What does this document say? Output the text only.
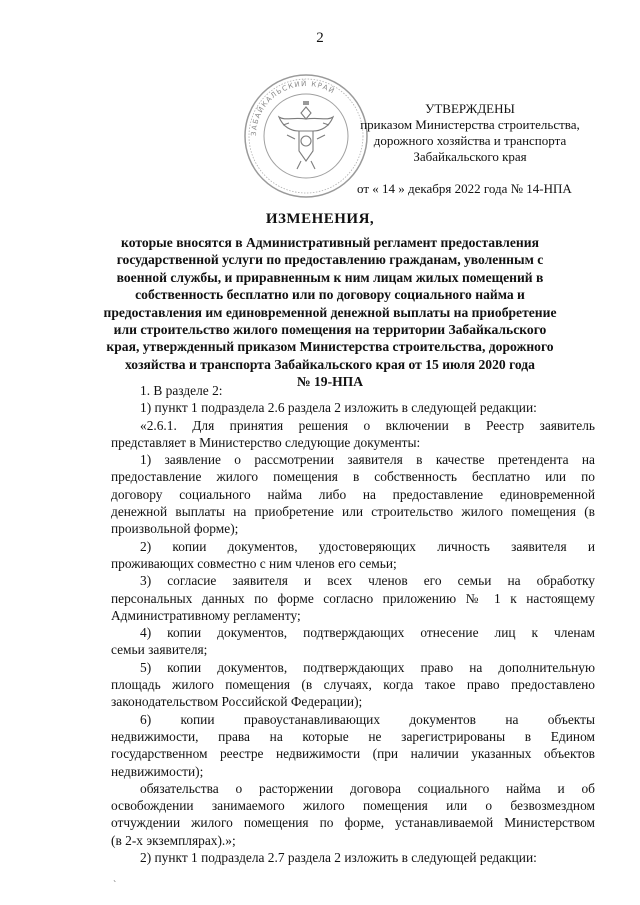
2
ЗАБАЙКАЛЬСКИЙ КРАЙ
УТВЕРЖДЕНЫ
приказом Министерства строительства,
дорожного хозяйства и транспорта
Забайкальского края
от « 14 » декабря 2022 года № 14-НПА
ИЗМЕНЕНИЯ,
которые вносятся в Административный регламент предоставления
государственной услуги по предоставлению гражданам, уволенным с
военной службы, и приравненным к ним лицам жилых помещений в
собственность бесплатно или по договору социального найма и
предоставления им единовременной денежной выплаты на приобретение
или строительство жилого помещения на территории Забайкальского
края, утвержденный приказом Министерства строительства, дорожного
хозяйства и транспорта Забайкальского края от 15 июля 2020 года
№ 19-НПА
1. В разделе 2:
1) пункт 1 подраздела 2.6 раздела 2 изложить в следующей редакции:
«2.6.1. Для принятия решения о включении в Реестр заявитель
представляет в Министерство следующие документы:
1) заявление о рассмотрении заявителя в качестве претендента на
предоставление жилого помещения в собственность бесплатно или по
договору социального найма либо на предоставление единовременной
денежной выплаты на приобретение или строительство жилого помещения (в
произвольной форме);
2) копии документов, удостоверяющих личность заявителя и
проживающих совместно с ним членов его семьи;
3) согласие заявителя и всех членов его семьи на обработку
персональных данных по форме согласно приложению № 1 к настоящему
Административному регламенту;
4) копии документов, подтверждающих отнесение лиц к членам
семьи заявителя;
5) копии документов, подтверждающих право на дополнительную
площадь жилого помещения (в случаях, когда такое право предоставлено
законодательством Российской Федерации);
6) копии правоустанавливающих документов на объекты
недвижимости, права на которые не зарегистрированы в Едином
государственном реестре недвижимости (при наличии указанных объектов
недвижимости);
обязательства о расторжении договора социального найма и об
освобождении занимаемого жилого помещения или о безвозмездном
отчуждении жилого помещения по форме, устанавливаемой Министерством
(в 2-х экземплярах).»;
2) пункт 1 подраздела 2.7 раздела 2 изложить в следующей редакции:
`
